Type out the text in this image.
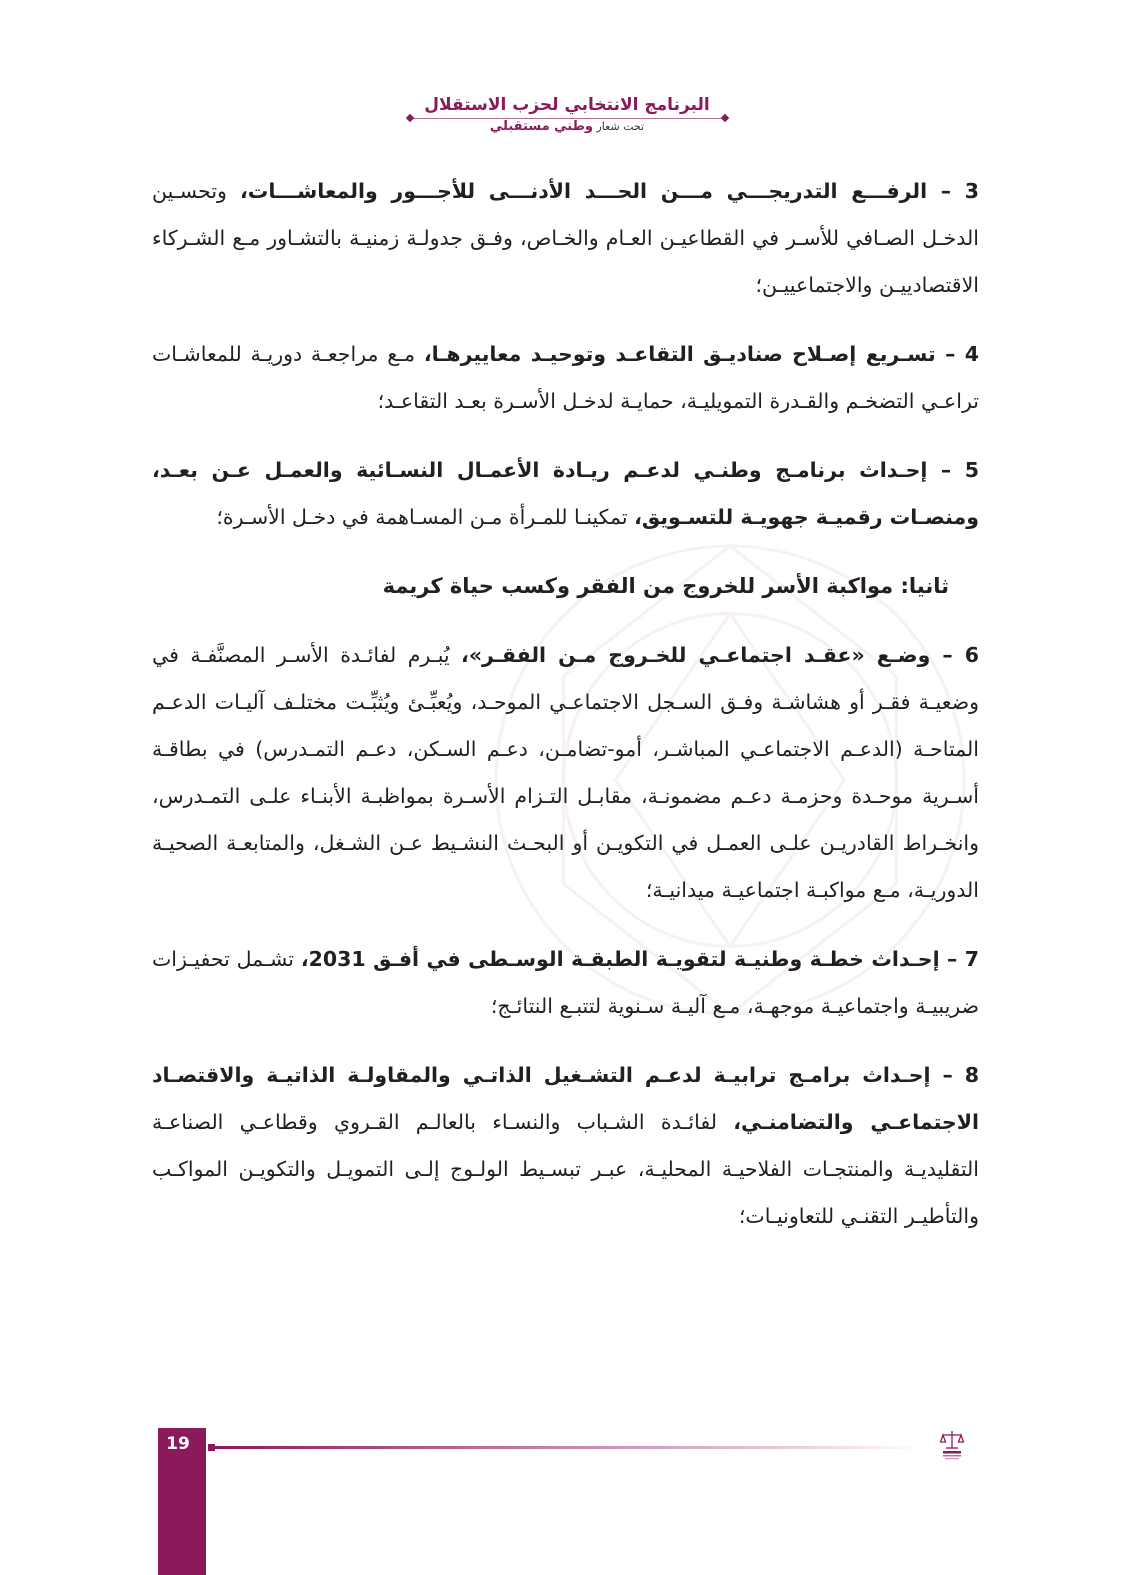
البرنامج الانتخابي لحزب الاستقلال
تحت شعار وطني مستقبلي

3 – الرفـــع التدريجـــي مـــن الحـــد الأدنـــى للأجـــور والمعاشـــات، وتحسـين الدخـل الصـافي للأسـر في القطاعيـن العـام والخـاص، وفـق جدولـة زمنيـة بالتشـاور مـع الشـركاء الاقتصادييـن والاجتماعييـن؛

4 – تسـريع إصـلاح صناديـق التقاعـد وتوحيـد معاييرهـا، مـع مراجعـة دوريـة للمعاشـات تراعـي التضخـم والقـدرة التمويليـة، حمايـة لدخـل الأسـرة بعـد التقاعـد؛

5 – إحـداث برنامـج وطنـي لدعـم ريـادة الأعمـال النسـائية والعمـل عـن بعـد، ومنصـات رقميـة جهويـة للتسـويق، تمكينـا للمـرأة مـن المسـاهمة في دخـل الأسـرة؛

ثانيا: مواكبة الأسر للخروج من الفقر وكسب حياة كريمة

6 – وضـع «عقـد اجتماعـي للخـروج مـن الفقـر»، يُبـرم لفائـدة الأسـر المصنَّفـة في وضعيـة فقـر أو هشاشـة وفـق السـجل الاجتماعـي الموحـد، ويُعبِّـئ ويُثبِّـت مختلـف آليـات الدعـم المتاحـة (الدعـم الاجتماعـي المباشـر، أمو-تضامـن، دعـم السـكن، دعـم التمـدرس) في بطاقـة أسـرية موحـدة وحزمـة دعـم مضمونـة، مقابـل التـزام الأسـرة بمواظبـة الأبنـاء علـى التمـدرس، وانخـراط القادريـن علـى العمـل في التكويـن أو البحـث النشـيط عـن الشـغل، والمتابعـة الصحيـة الدوريـة، مـع مواكبـة اجتماعيـة ميدانيـة؛

7 – إحـداث خطـة وطنيـة لتقويـة الطبقـة الوسـطى في أفـق 2031، تشـمل تحفيـزات ضريبيـة واجتماعيـة موجهـة، مـع آليـة سـنوية لتتبـع النتائـج؛

8 – إحـداث برامـج ترابيـة لدعـم التشـغيل الذاتـي والمقاولـة الذاتيـة والاقتصـاد الاجتماعـي والتضامنـي، لفائـدة الشـباب والنسـاء بالعالـم القـروي وقطاعـي الصناعـة التقليديـة والمنتجـات الفلاحيـة المحليـة، عبـر تبسـيط الولـوج إلـى التمويـل والتكويـن المواكـب والتأطيـر التقنـي للتعاونيـات؛

19
